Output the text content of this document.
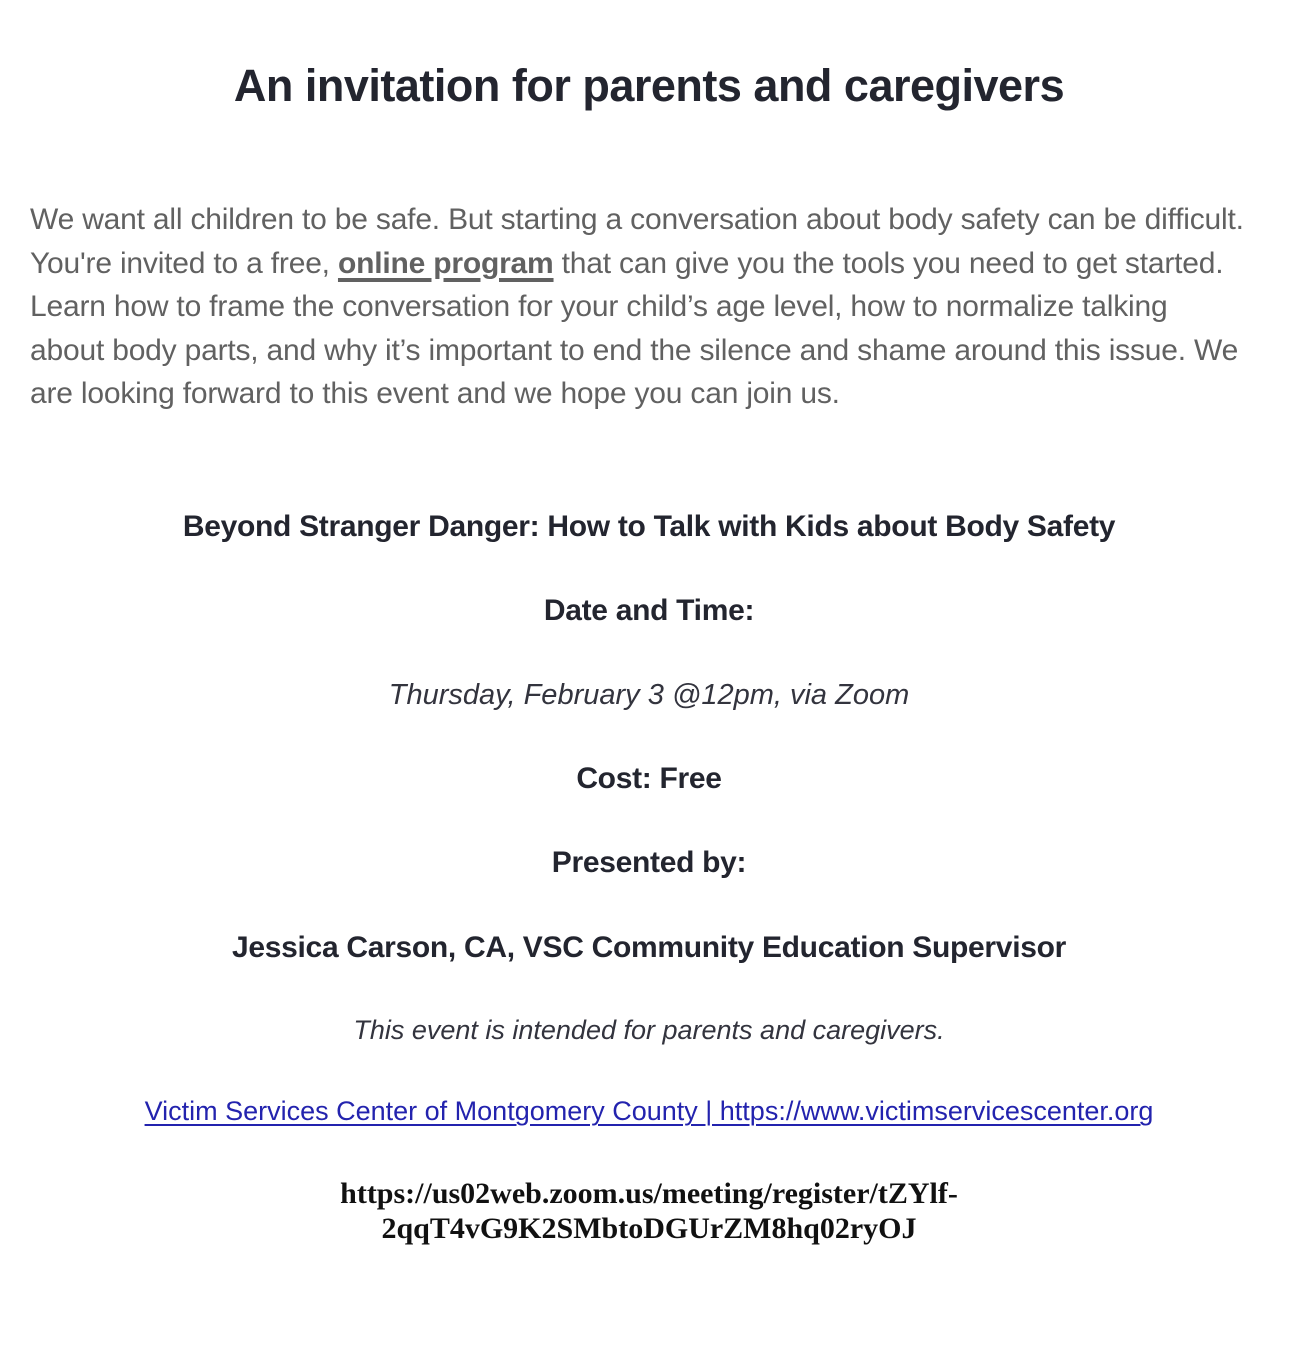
An invitation for parents and caregivers

We want all children to be safe. But starting a conversation about body safety can be difficult. You're invited to a free, online program that can give you the tools you need to get started. Learn how to frame the conversation for your child’s age level, how to normalize talking about body parts, and why it’s important to end the silence and shame around this issue. We are looking forward to this event and we hope you can join us.

Beyond Stranger Danger: How to Talk with Kids about Body Safety

Date and Time:

Thursday, February 3 @12pm, via Zoom

Cost: Free

Presented by:

Jessica Carson, CA, VSC Community Education Supervisor

This event is intended for parents and caregivers.

Victim Services Center of Montgomery County | https://www.victimservicescenter.org

https://us02web.zoom.us/meeting/register/tZYlf-2qqT4vG9K2SMbtoDGUrZM8hq02ryOJ
